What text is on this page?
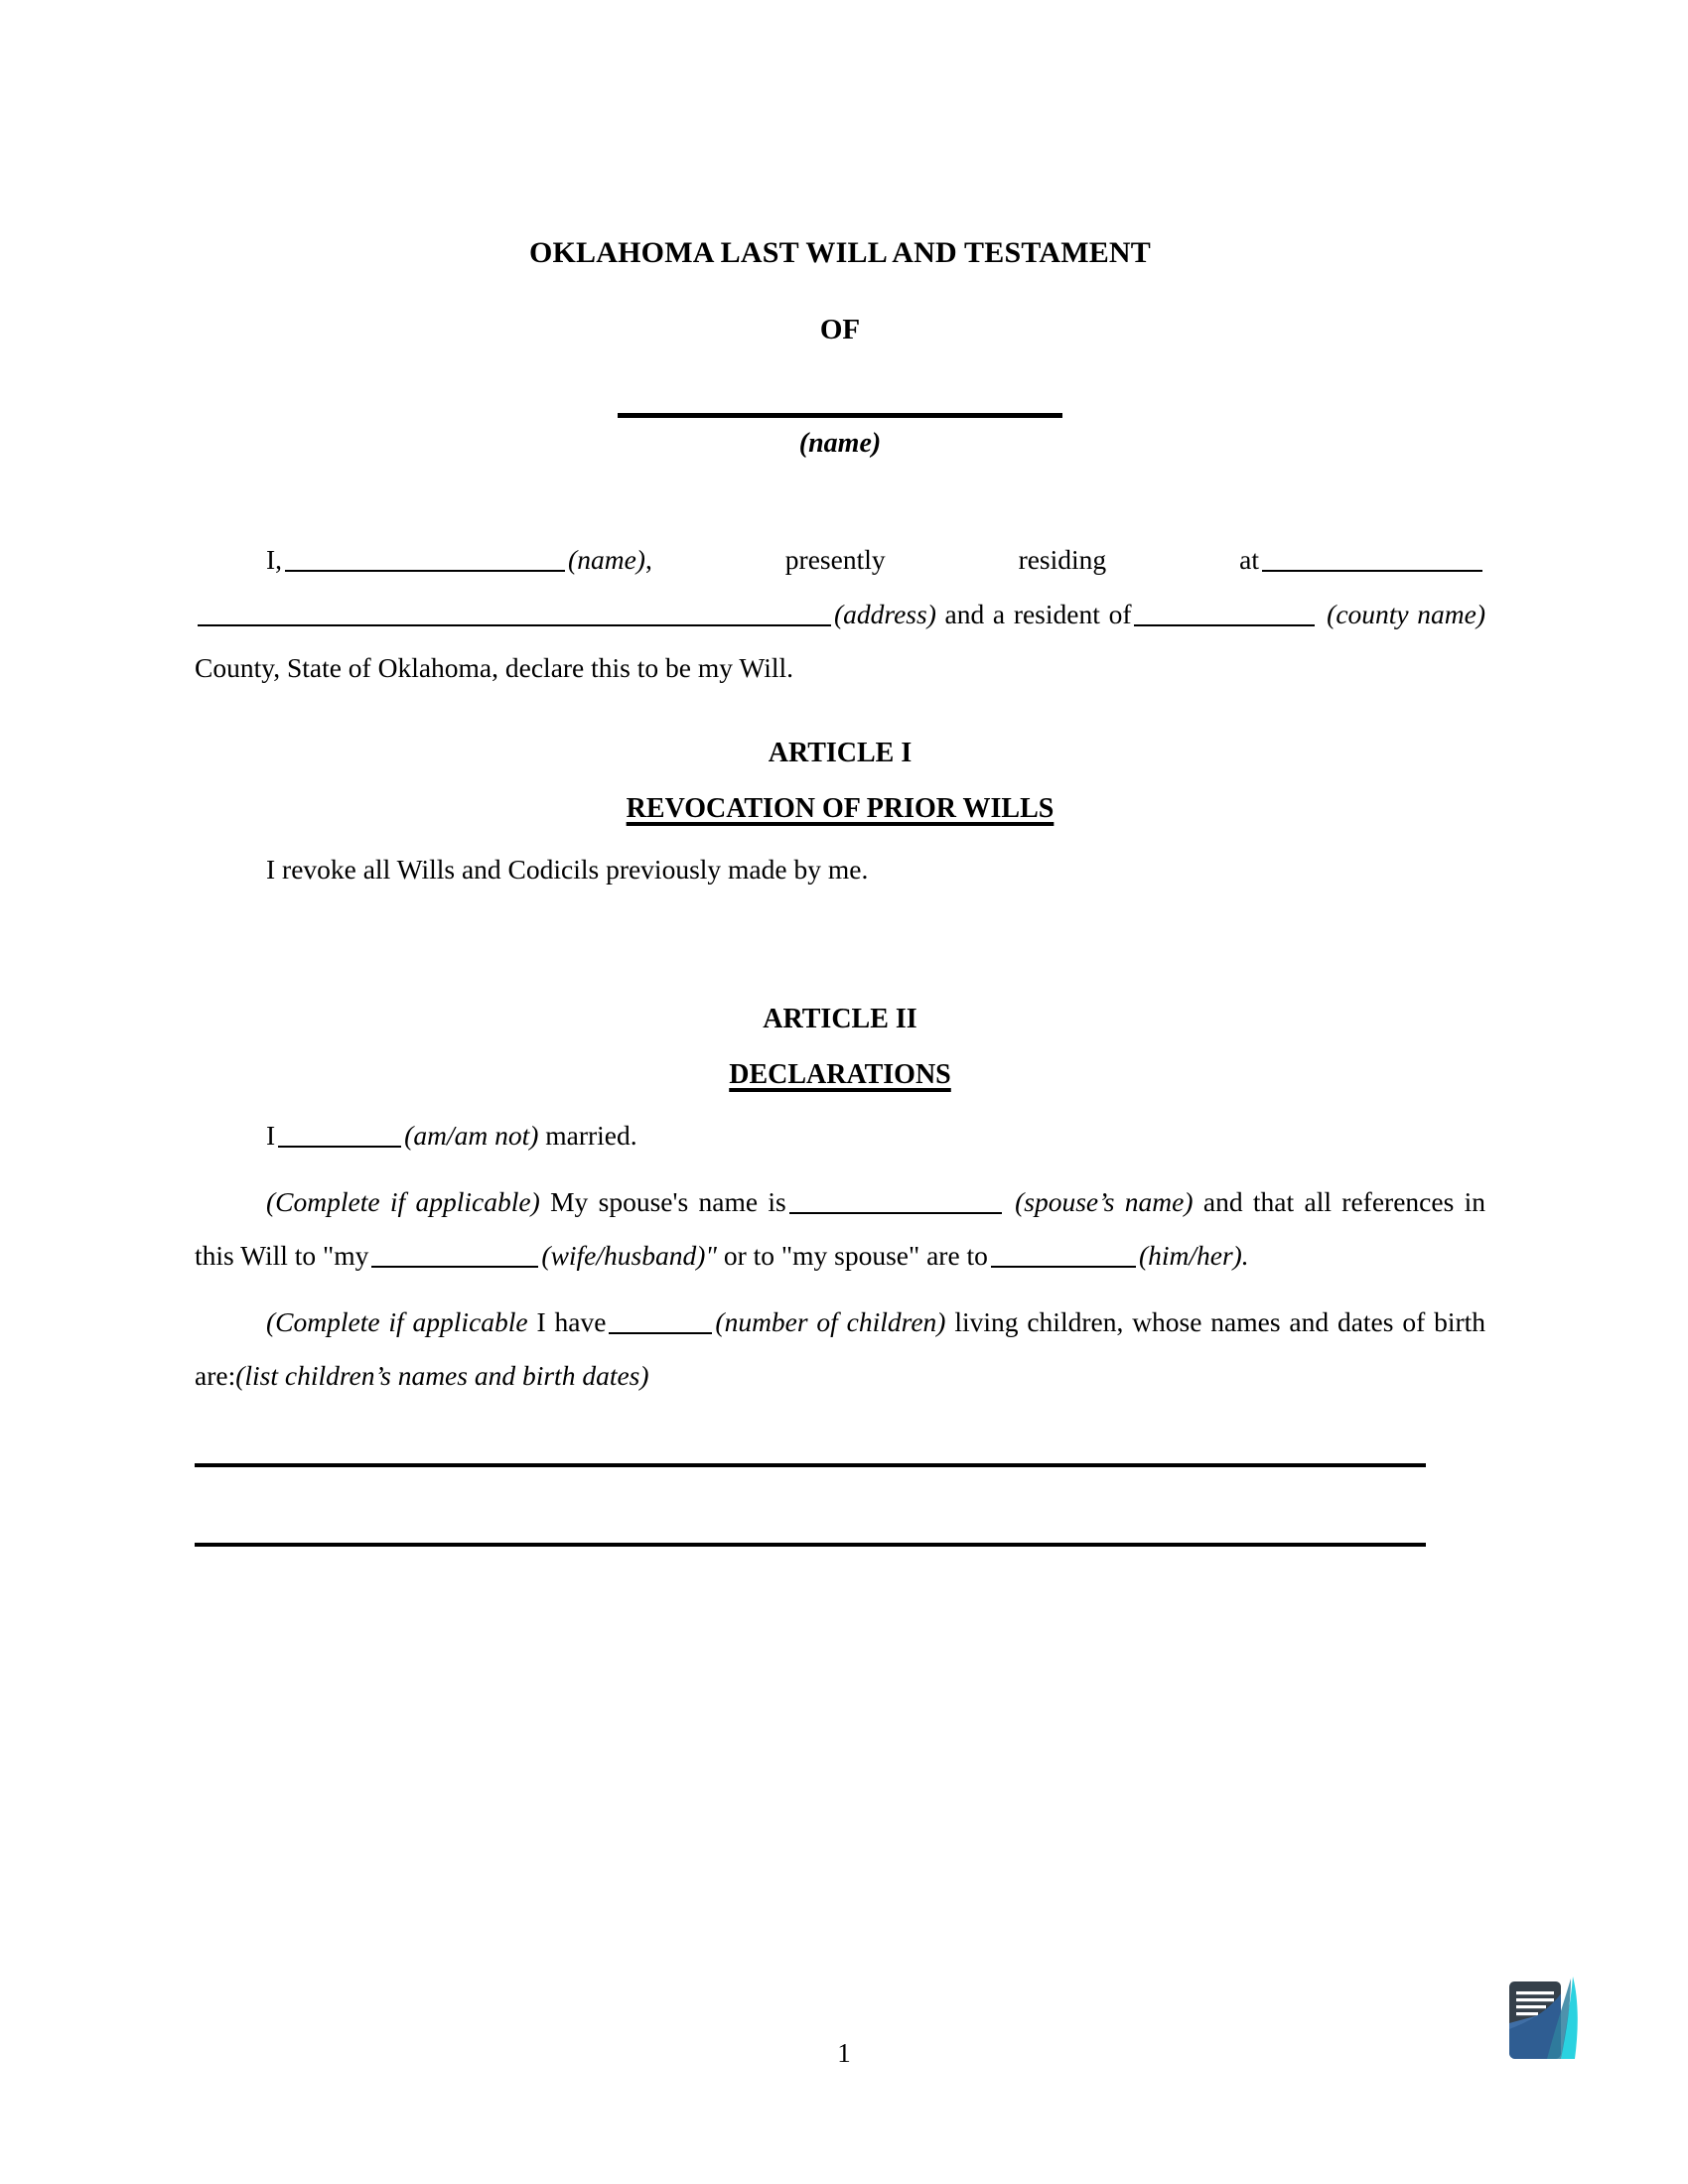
OKLAHOMA LAST WILL AND TESTAMENT
OF
(name)
I,	(name), presently residing at (address) and a resident of	(county name) County, State of Oklahoma, declare this to be my Will.
ARTICLE I
REVOCATION OF PRIOR WILLS
I revoke all Wills and Codicils previously made by me.
ARTICLE II
DECLARATIONS
I	(am/am not) married.
(Complete if applicable) My spouse's name is	(spouse’s name) and that all references in this Will to "my	(wife/husband)" or to "my spouse" are to	(him/her).
(Complete if applicable I have	(number of children) living children, whose names and dates of birth are:(list children’s names and birth dates)
1
